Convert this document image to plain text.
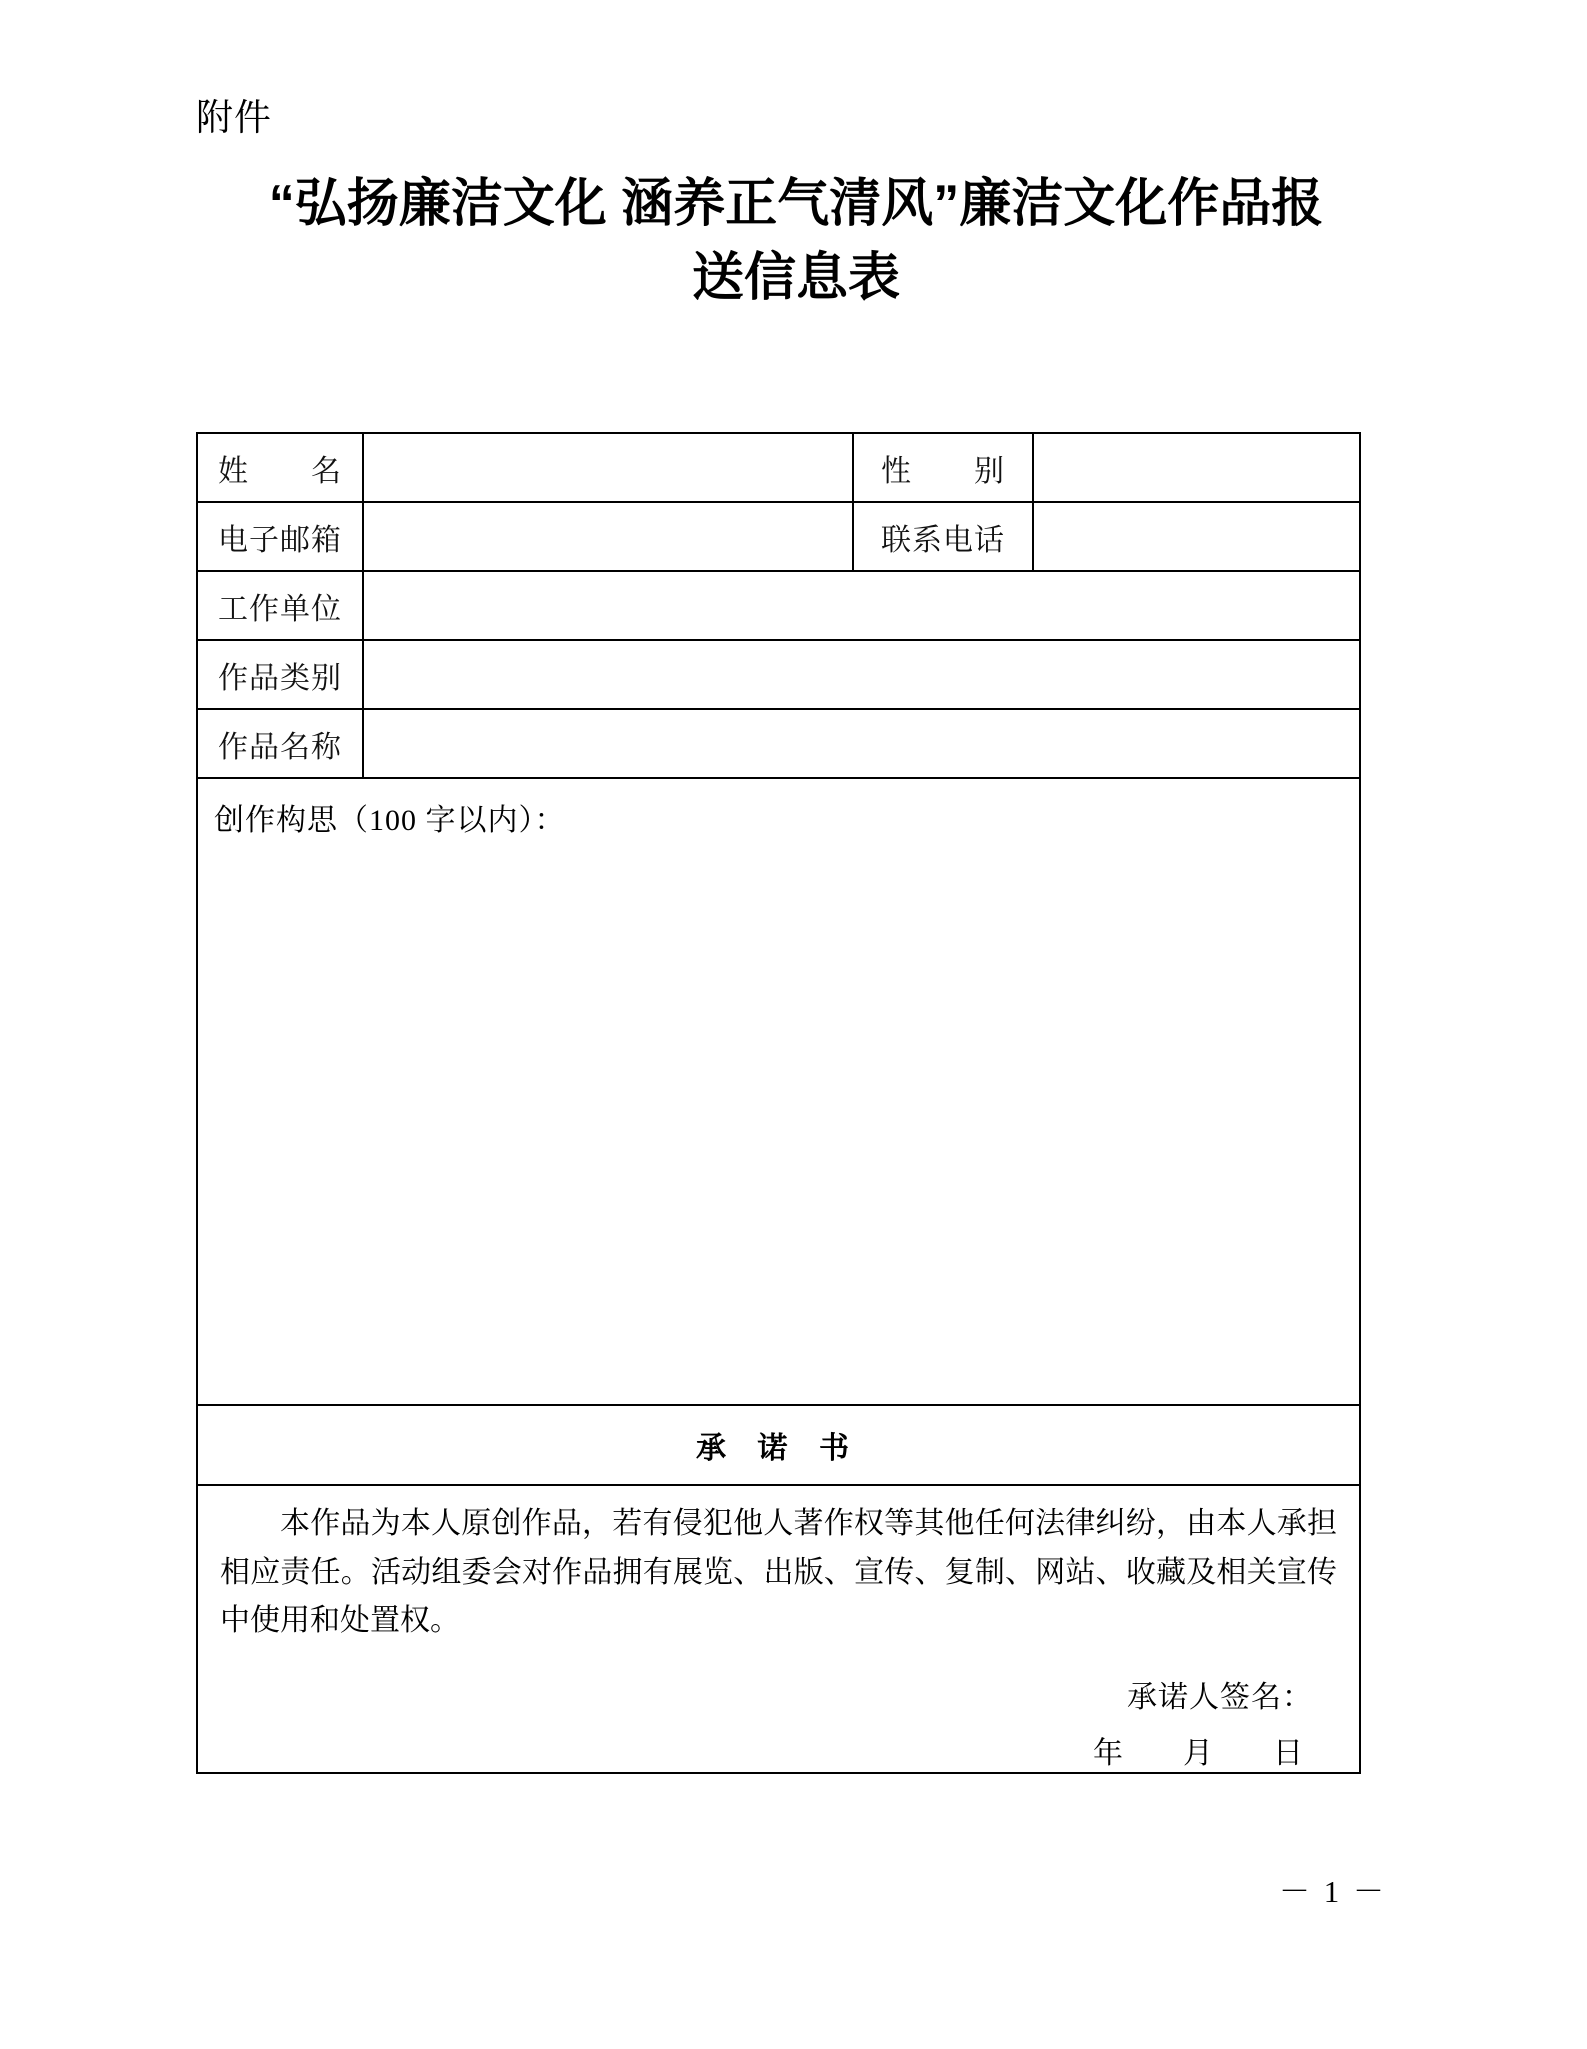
附件
“弘扬廉洁文化 涵养正气清风”廉洁文化作品报
送信息表
姓　　名		性　　别	
电子邮箱		联系电话	
工作单位			
作品类别			
作品名称			

创作构思（100 字以内）：			

承 诺 书			

本作品为本人原创作品，若有侵犯他人著作权等其他任何法律纠纷，由本人承担相应责任。活动组委会对作品拥有展览、出版、宣传、复制、网站、收藏及相关宣传中使用和处置权。
承诺人签名：
年　　月　　日			
－ 1 －
